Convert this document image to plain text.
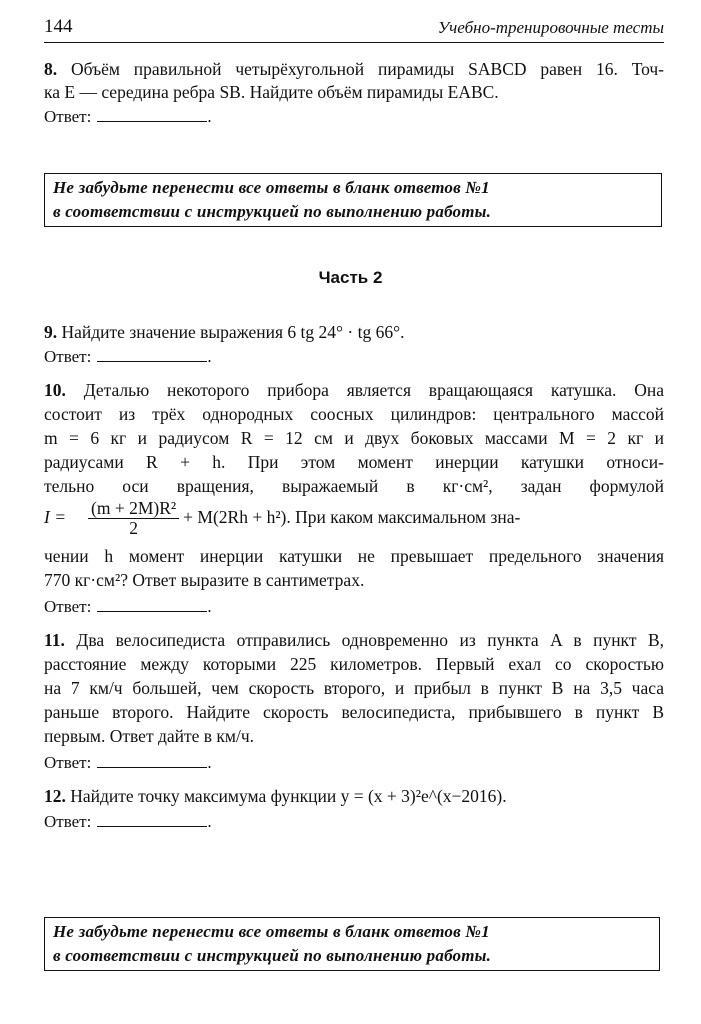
144	Учебно-тренировочные тесты
8. Объём правильной четырёхугольной пирамиды SABCD равен 16. Точ-
ка E — середина ребра SB. Найдите объём пирамиды EABC.
Ответ:	.
Не забудьте перенести все ответы в бланк ответов №1
в соответствии с инструкцией по выполнению работы.
Часть 2
9. Найдите значение выражения 6 tg 24° · tg 66°.
Ответ:	.
10. Деталью некоторого прибора является вращающаяся катушка. Она
состоит из трёх однородных соосных цилиндров: центрального массой
m = 6 кг и радиусом R = 12 см и двух боковых массами M = 2 кг и
радиусами R + h. При этом момент инерции катушки относи-
тельно оси вращения, выражаемый в кг·см², задан формулой
$I = \frac{\text{(m + 2M)R²}}{2} + M(2Rh + h^2)$. При каком максимальном зна-
чении h момент инерции катушки не превышает предельного значения
770 кг·см²? Ответ выразите в сантиметрах.
Ответ:	.
11. Два велосипедиста отправились одновременно из пункта A в пункт B,
расстояние между которыми 225 километров. Первый ехал со скоростью
на 7 км/ч большей, чем скорость второго, и прибыл в пункт B на 3,5 часа
раньше второго. Найдите скорость велосипедиста, прибывшего в пункт B
первым. Ответ дайте в км/ч.
Ответ:	.
12. Найдите точку максимума функции y = (x + 3)²e^(x−2016).
Ответ:	.
Не забудьте перенести все ответы в бланк ответов №1
в соответствии с инструкцией по выполнению работы.
